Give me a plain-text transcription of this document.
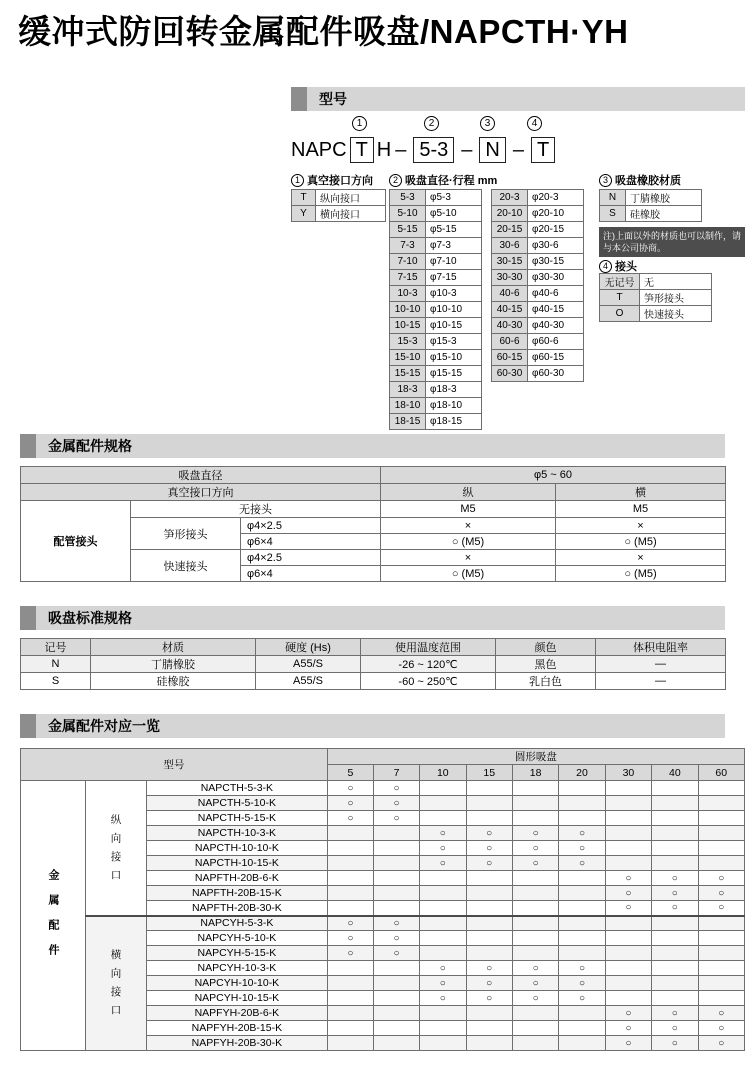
缓冲式防回转金属配件吸盘/NAPCTH·YH
型号
1	2	3	4
NAPC T H – 5-3 – N – T
1 真空接口方向
T	纵向接口
Y	横向接口
2 吸盘直径·行程 mm
5-3	φ5-3
5-10	φ5-10
5-15	φ5-15
7-3	φ7-3
7-10	φ7-10
7-15	φ7-15
10-3	φ10-3
10-10	φ10-10
10-15	φ10-15
15-3	φ15-3
15-10	φ15-10
15-15	φ15-15
18-3	φ18-3
18-10	φ18-10
18-15	φ18-15
20-3	φ20-3
20-10	φ20-10
20-15	φ20-15
30-6	φ30-6
30-15	φ30-15
30-30	φ30-30
40-6	φ40-6
40-15	φ40-15
40-30	φ40-30
60-6	φ60-6
60-15	φ60-15
60-30	φ60-30
3 吸盘橡胶材质
N	丁腈橡胶
S	硅橡胶
注)上面以外的材质也可以制作，请与本公司协商。
4 接头
无记号	无
T	笋形接头
O	快速接头
金属配件规格
吸盘直径			φ5 ~ 60	
真空接口方向			纵	横
配管接头	无接头		M5	M5
	笋形接头	φ4×2.5	×	×
		φ6×4	○ (M5)	○ (M5)
	快速接头	φ4×2.5	×	×
		φ6×4	○ (M5)	○ (M5)
吸盘标准规格
记号	材质	硬度 (Hs)	使用温度范围	颜色	体积电阻率
N	丁腈橡胶	A55/S	-26 ~ 120℃	黑色	—
S	硅橡胶	A55/S	-60 ~ 250℃	乳白色	—
金属配件对应一览
型号			圆形吸盘								
			5	7	10	15	18	20	30	40	60
金属配件	纵向接口	NAPCTH-5-3-K	○	○							
		NAPCTH-5-10-K	○	○							
		NAPCTH-5-15-K	○	○							
		NAPCTH-10-3-K			○	○	○	○			
		NAPCTH-10-10-K			○	○	○	○			
		NAPCTH-10-15-K			○	○	○	○			
		NAPFTH-20B-6-K							○	○	○
		NAPFTH-20B-15-K							○	○	○
		NAPFTH-20B-30-K							○	○	○
	横向接口	NAPCYH-5-3-K	○	○							
		NAPCYH-5-10-K	○	○							
		NAPCYH-5-15-K	○	○							
		NAPCYH-10-3-K			○	○	○	○			
		NAPCYH-10-10-K			○	○	○	○			
		NAPCYH-10-15-K			○	○	○	○			
		NAPFYH-20B-6-K							○	○	○
		NAPFYH-20B-15-K							○	○	○
		NAPFYH-20B-30-K							○	○	○
